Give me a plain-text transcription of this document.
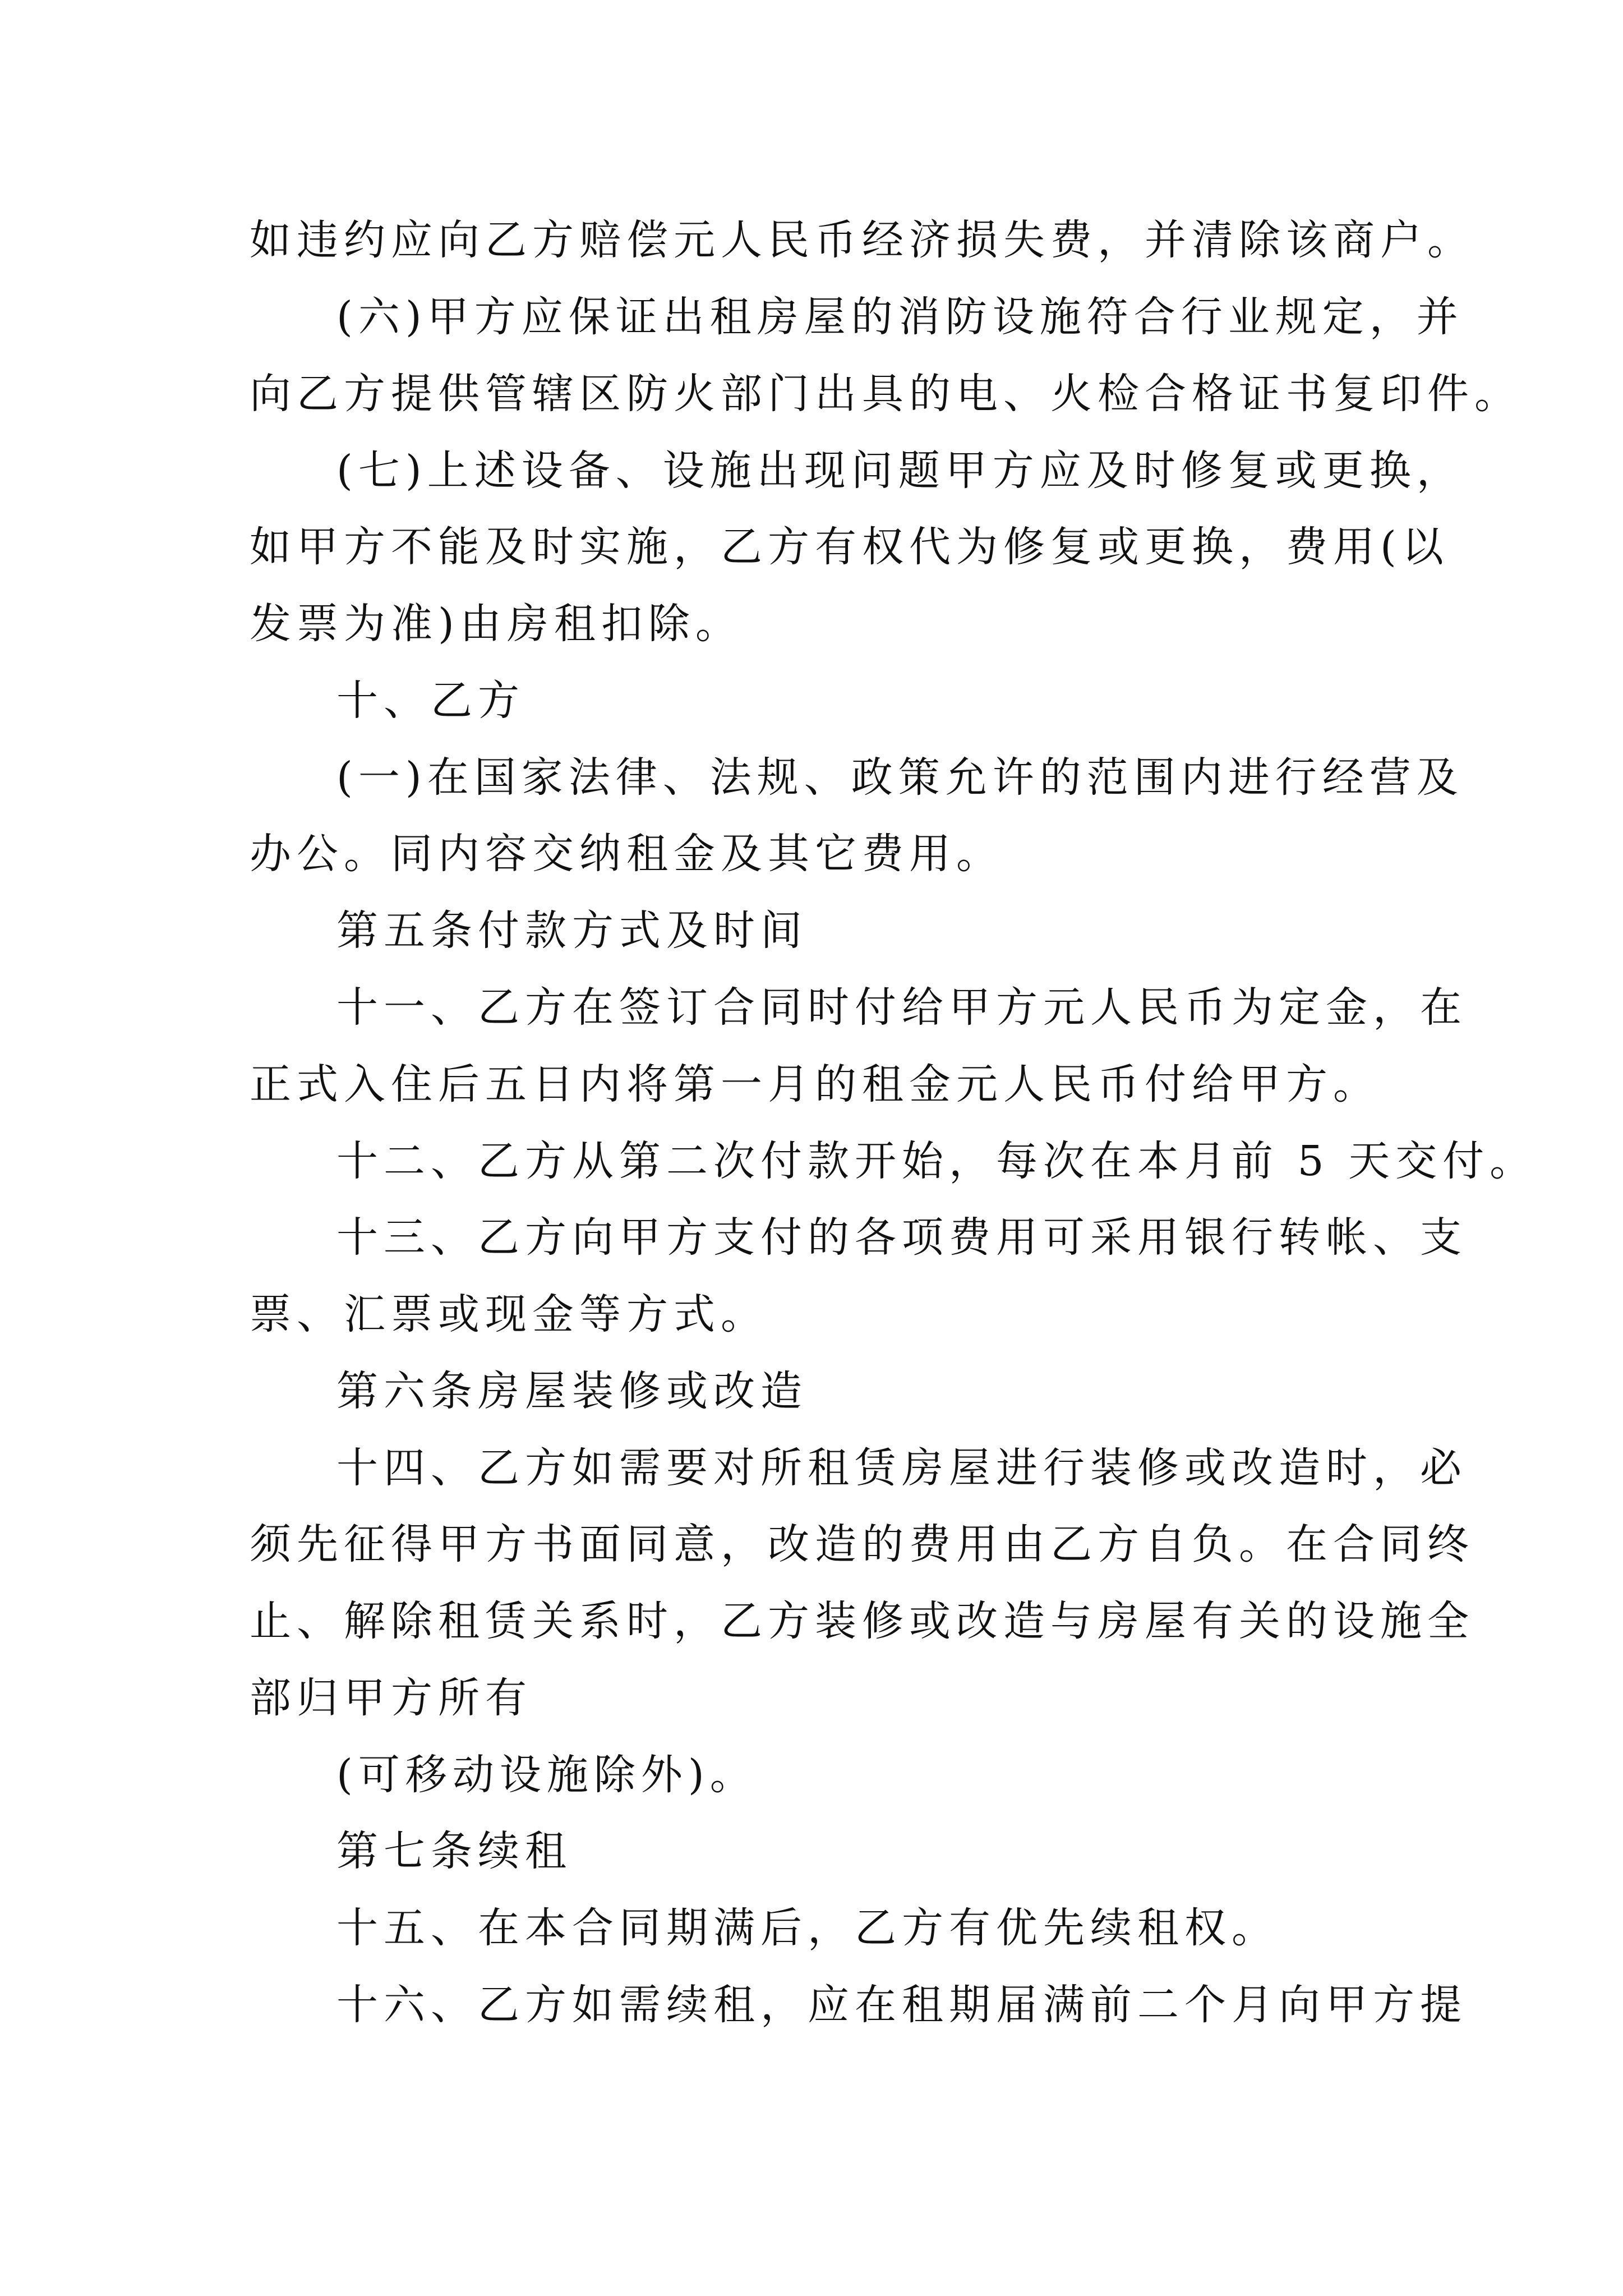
如违约应向乙方赔偿元人民币经济损失费，并清除该商户。

(六)甲方应保证出租房屋的消防设施符合行业规定，并

向乙方提供管辖区防火部门出具的电、火检合格证书复印件。

(七)上述设备、设施出现问题甲方应及时修复或更换，

如甲方不能及时实施，乙方有权代为修复或更换，费用(以

发票为准)由房租扣除。

十、乙方

(一)在国家法律、法规、政策允许的范围内进行经营及

办公。同内容交纳租金及其它费用。

第五条付款方式及时间

十一、乙方在签订合同时付给甲方元人民币为定金，在

正式入住后五日内将第一月的租金元人民币付给甲方。

十二、乙方从第二次付款开始，每次在本月前 5 天交付。

十三、乙方向甲方支付的各项费用可采用银行转帐、支

票、汇票或现金等方式。

第六条房屋装修或改造

十四、乙方如需要对所租赁房屋进行装修或改造时，必

须先征得甲方书面同意，改造的费用由乙方自负。在合同终

止、解除租赁关系时，乙方装修或改造与房屋有关的设施全

部归甲方所有

(可移动设施除外)。

第七条续租

十五、在本合同期满后，乙方有优先续租权。

十六、乙方如需续租，应在租期届满前二个月向甲方提
